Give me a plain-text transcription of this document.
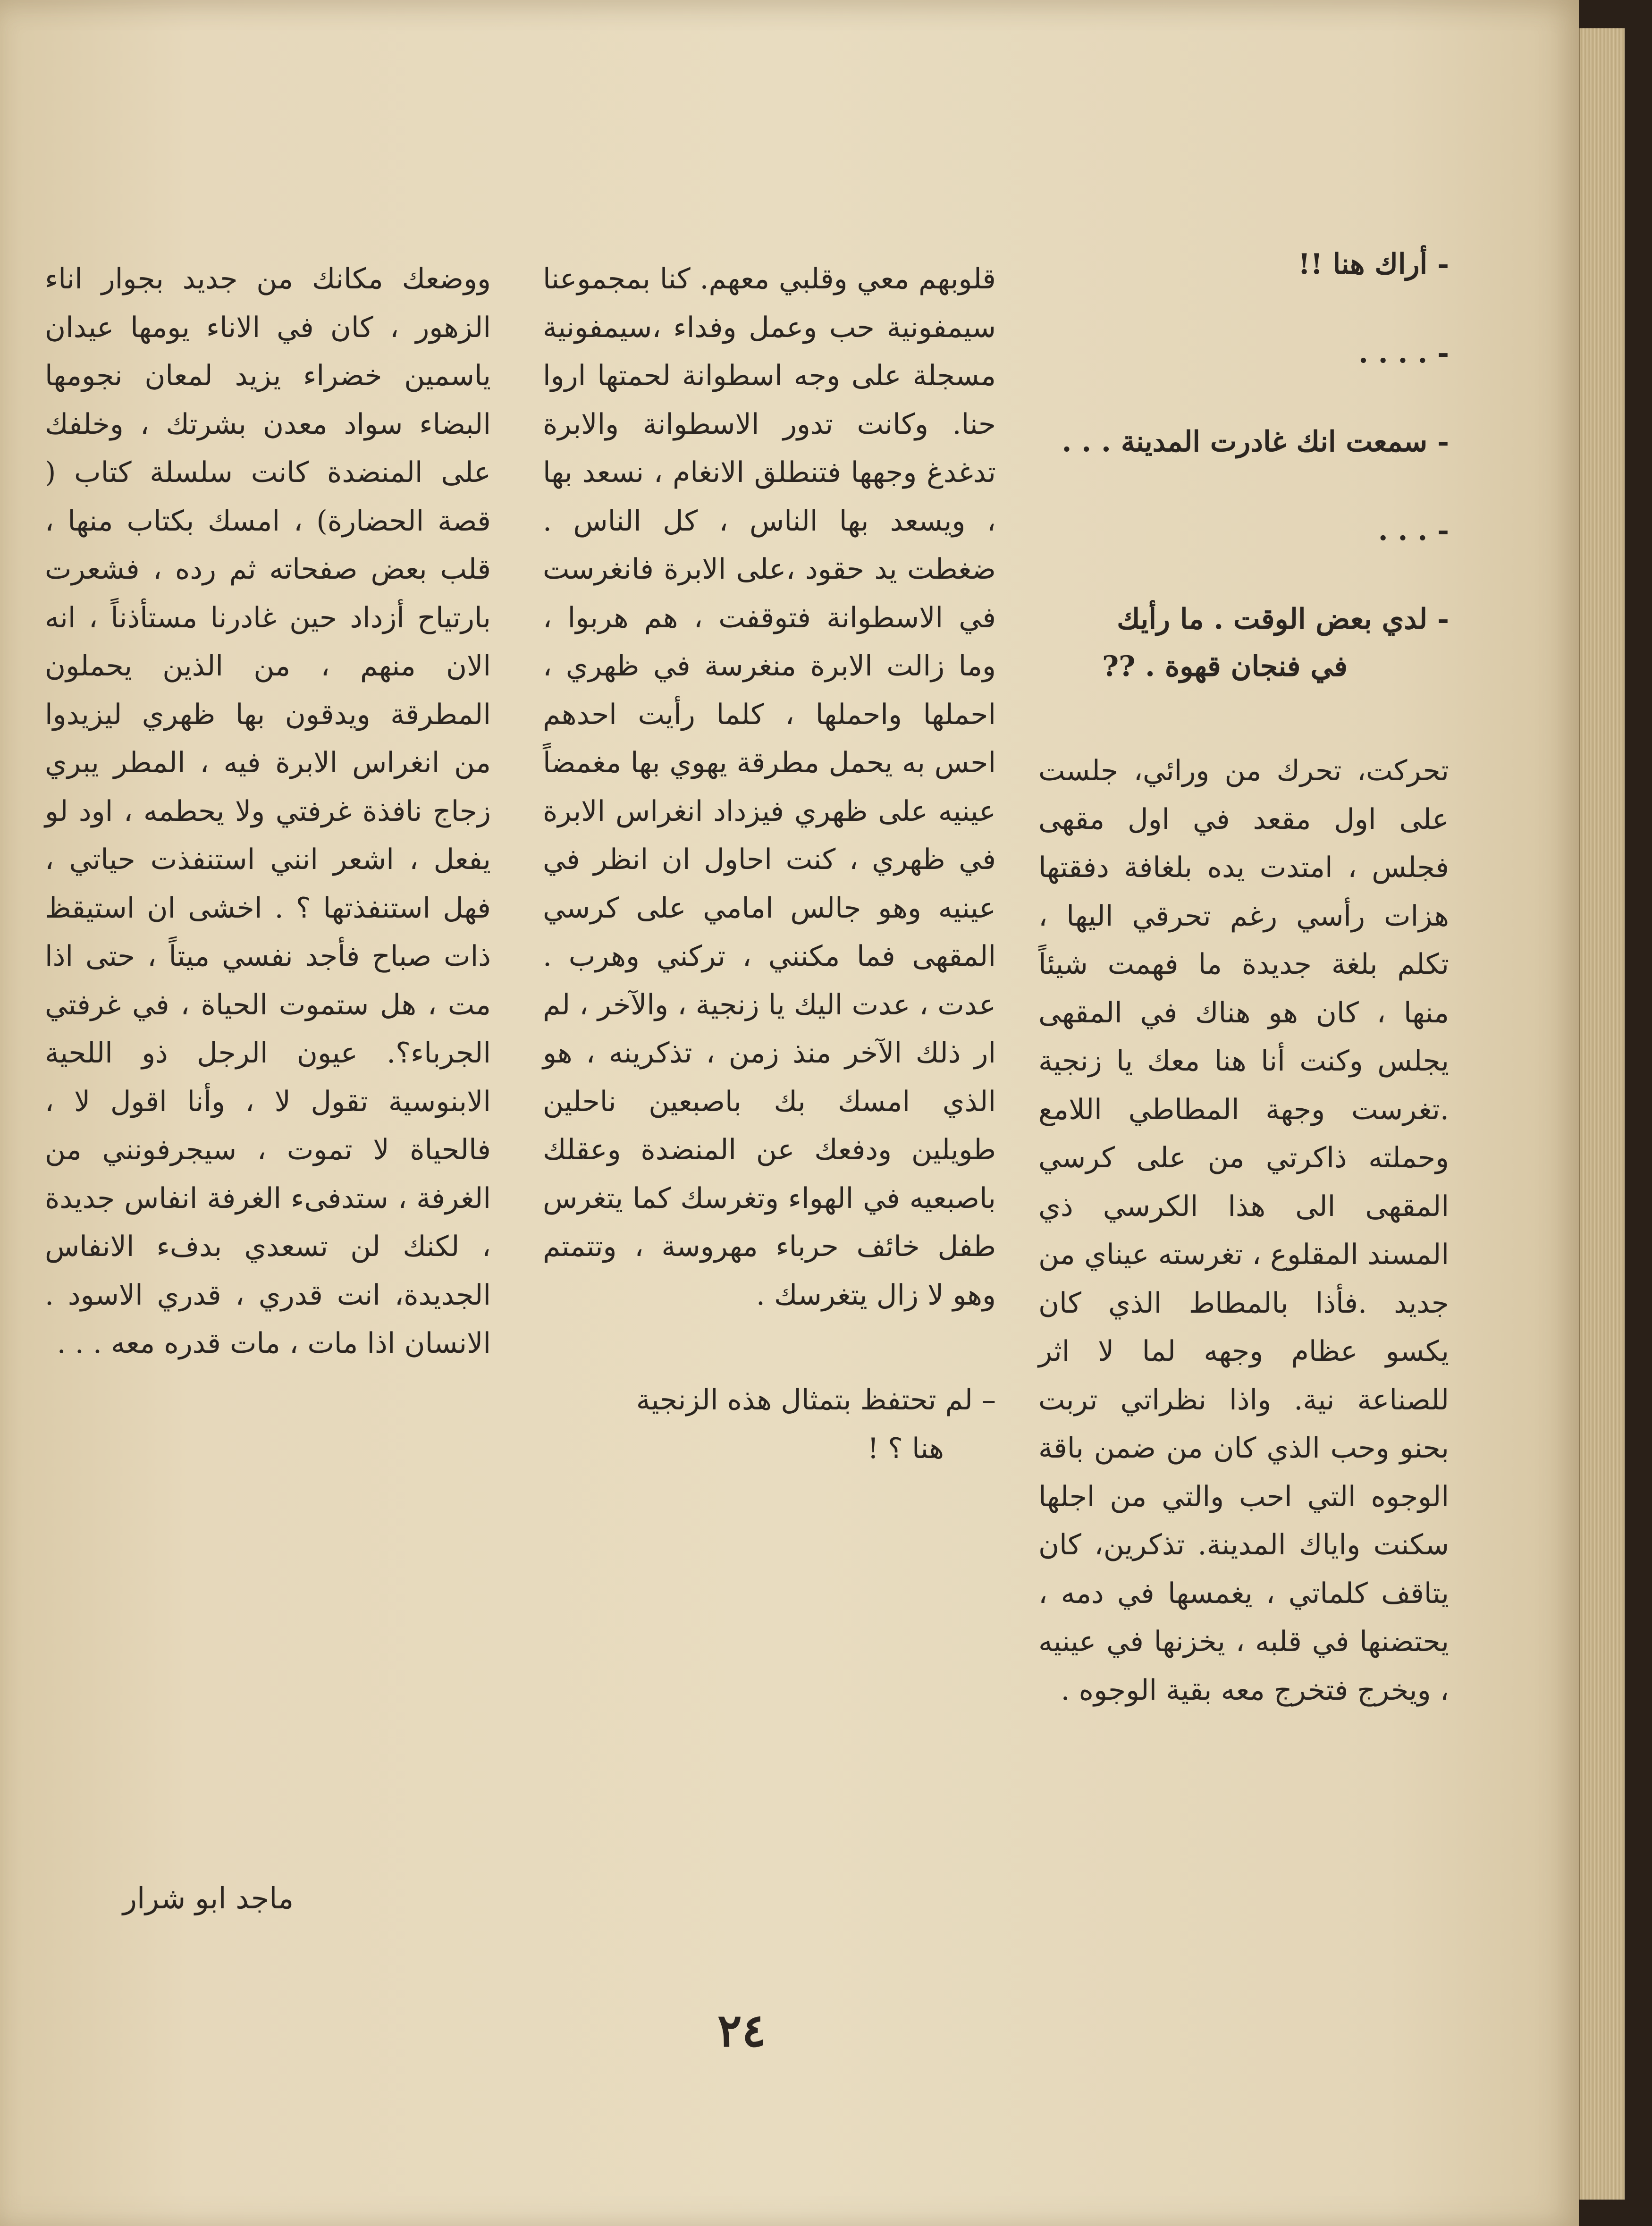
- أراك هنا !!

- . . . .

- سمعت انك غادرت المدينة . . .

- . . .

- لدي بعض الوقت . ما رأيك

في فنجان قهوة . ??

تحركت، تحرك من ورائي، جلست على اول مقعد في اول مقهى فجلس ، امتدت يده بلغافة دفقتها هزات رأسي رغم تحرقي اليها ، تكلم بلغة جديدة ما فهمت شيئاً منها ، كان هو هناك في المقهى يجلس وكنت أنا هنا معك يا زنجية .تغرست وجهة المطاطي اللامع وحملته ذاكرتي من على كرسي المقهى الى هذا الكرسي ذي المسند المقلوع ، تغرسته عيناي من جديد .فأذا بالمطاط الذي كان يكسو عظام وجهه لما لا اثر للصناعة نية. واذا نظراتي تربت بحنو وحب الذي كان من ضمن باقة الوجوه التي احب والتي من اجلها سكنت واياك المدينة. تذكرين، كان يتاقف كلماتي ، يغمسها في دمه ، يحتضنها في قلبه ، يخزنها في عينيه ، ويخرج فتخرج معه بقية الوجوه .

قلوبهم معي وقلبي معهم. كنا بمجموعنا سيمفونية حب وعمل وفداء ،سيمفونية مسجلة على وجه اسطوانة لحمتها اروا حنا. وكانت تدور الاسطوانة والابرة تدغدغ وجهها فتنطلق الانغام ، نسعد بها ، ويسعد بها الناس ، كل الناس . ضغطت يد حقود ،على الابرة فانغرست في الاسطوانة فتوقفت ، هم هربوا ، وما زالت الابرة منغرسة في ظهري ، احملها واحملها ، كلما رأيت احدهم احس به يحمل مطرقة يهوي بها مغمضاً عينيه على ظهري فيزداد انغراس الابرة في ظهري ، كنت احاول ان انظر في عينيه وهو جالس امامي على كرسي المقهى فما مكنني ، تركني وهرب . عدت ، عدت اليك يا زنجية ، والآخر ، لم ار ذلك الآخر منذ زمن ، تذكرينه ، هو الذي امسك بك باصبعين ناحلين طويلين ودفعك عن المنضدة وعقلك باصبعيه في الهواء وتغرسك كما يتغرس طفل خائف حرباء مهروسة ، وتتمتم وهو لا زال يتغرسك .

– لم تحتفظ بتمثال هذه الزنجية

هنا ؟ !

ووضعك مكانك من جديد بجوار اناء الزهور ، كان في الاناء يومها عيدان ياسمين خضراء يزيد لمعان نجومها البضاء سواد معدن بشرتك ، وخلفك على المنضدة كانت سلسلة كتاب ( قصة الحضارة) ، امسك بكتاب منها ، قلب بعض صفحاته ثم رده ، فشعرت بارتياح أزداد حين غادرنا مستأذناً ، انه الان منهم ، من الذين يحملون المطرقة ويدقون بها ظهري ليزيدوا من انغراس الابرة فيه ، المطر يبري زجاج نافذة غرفتي ولا يحطمه ، اود لو يفعل ، اشعر انني استنفذت حياتي ، فهل استنفذتها ؟ . اخشى ان استيقظ ذات صباح فأجد نفسي ميتاً ، حتى اذا مت ، هل ستموت الحياة ، في غرفتي الجرباء؟. عيون الرجل ذو اللحية الابنوسية تقول لا ، وأنا اقول لا ، فالحياة لا تموت ، سيجرفونني من الغرفة ، ستدفىء الغرفة انفاس جديدة ، لكنك لن تسعدي بدفء الانفاس الجديدة، انت قدري ، قدري الاسود . الانسان اذا مات ، مات قدره معه . . .

ماجد ابو شرار
٢٤
